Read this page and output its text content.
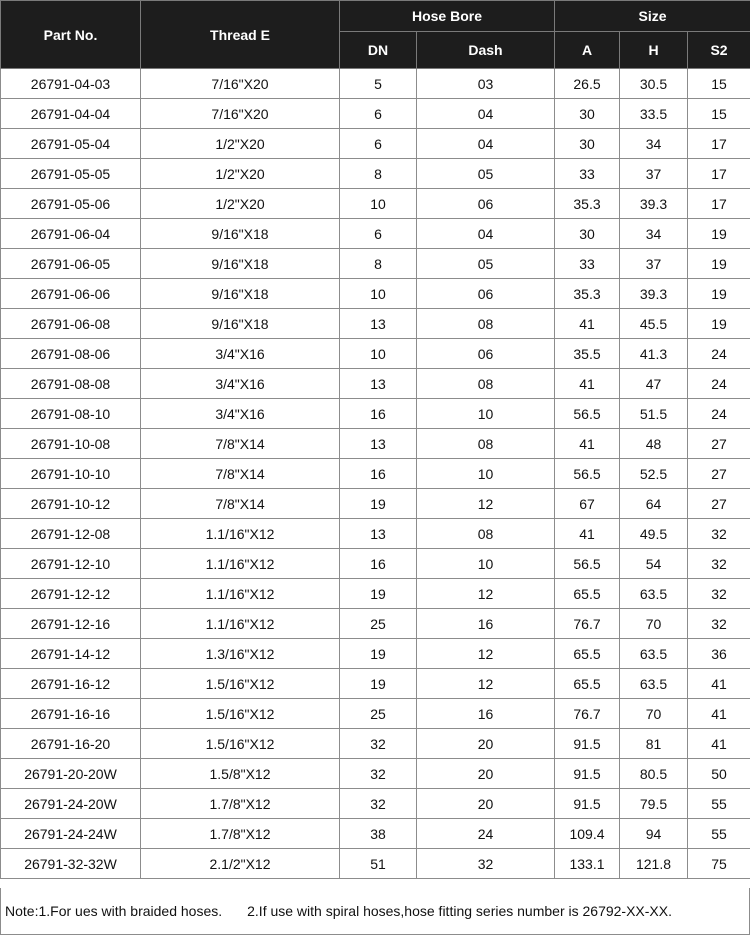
Part No.	Thread E	Hose Bore		Size		
		DN	Dash	A	H	S2
26791-04-03	7/16"X20	5	03	26.5	30.5	15
26791-04-04	7/16"X20	6	04	30	33.5	15
26791-05-04	1/2"X20	6	04	30	34	17
26791-05-05	1/2"X20	8	05	33	37	17
26791-05-06	1/2"X20	10	06	35.3	39.3	17
26791-06-04	9/16"X18	6	04	30	34	19
26791-06-05	9/16"X18	8	05	33	37	19
26791-06-06	9/16"X18	10	06	35.3	39.3	19
26791-06-08	9/16"X18	13	08	41	45.5	19
26791-08-06	3/4"X16	10	06	35.5	41.3	24
26791-08-08	3/4"X16	13	08	41	47	24
26791-08-10	3/4"X16	16	10	56.5	51.5	24
26791-10-08	7/8"X14	13	08	41	48	27
26791-10-10	7/8"X14	16	10	56.5	52.5	27
26791-10-12	7/8"X14	19	12	67	64	27
26791-12-08	1.1/16"X12	13	08	41	49.5	32
26791-12-10	1.1/16"X12	16	10	56.5	54	32
26791-12-12	1.1/16"X12	19	12	65.5	63.5	32
26791-12-16	1.1/16"X12	25	16	76.7	70	32
26791-14-12	1.3/16"X12	19	12	65.5	63.5	36
26791-16-12	1.5/16"X12	19	12	65.5	63.5	41
26791-16-16	1.5/16"X12	25	16	76.7	70	41
26791-16-20	1.5/16"X12	32	20	91.5	81	41
26791-20-20W	1.5/8"X12	32	20	91.5	80.5	50
26791-24-20W	1.7/8"X12	32	20	91.5	79.5	55
26791-24-24W	1.7/8"X12	38	24	109.4	94	55
26791-32-32W	2.1/2"X12	51	32	133.1	121.8	75
Note: 1.For ues with braided hoses. 2.If use with spiral hoses,hose fitting series number is 26792-XX-XX.
